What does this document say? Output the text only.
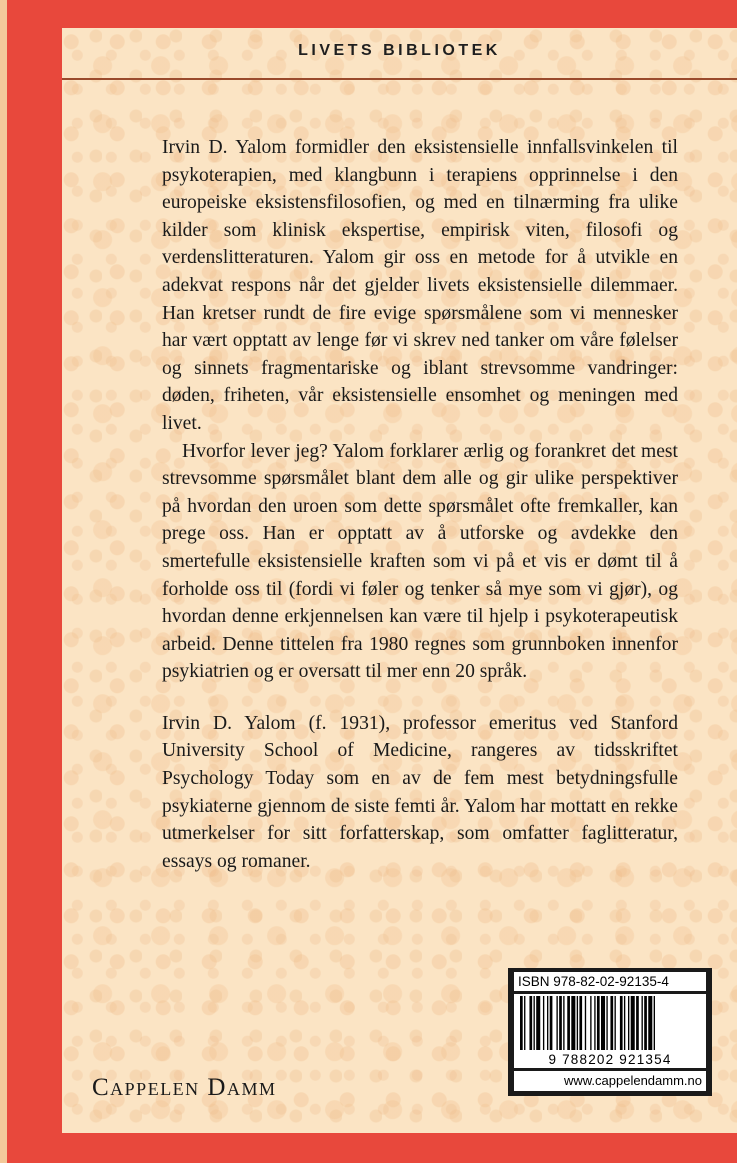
LIVETS BIBLIOTEK

Irvin D. Yalom formidler den eksistensielle innfallsvinkelen til psykoterapien, med klangbunn i terapiens opprinnelse i den europeiske eksistensfilosofien, og med en tilnærming fra ulike kilder som klinisk ekspertise, empirisk viten, filosofi og verdenslitteraturen. Yalom gir oss en metode for å utvikle en adekvat respons når det gjelder livets eksistensielle dilemmaer. Han kretser rundt de fire evige spørsmålene som vi mennesker har vært opptatt av lenge før vi skrev ned tanker om våre følelser og sinnets fragmentariske og iblant strevsomme vandringer: døden, friheten, vår eksistensielle ensomhet og meningen med livet.

Hvorfor lever jeg? Yalom forklarer ærlig og forankret det mest strevsomme spørsmålet blant dem alle og gir ulike perspektiver på hvordan den uroen som dette spørsmålet ofte fremkaller, kan prege oss. Han er opptatt av å utforske og avdekke den smertefulle eksistensielle kraften som vi på et vis er dømt til å forholde oss til (fordi vi føler og tenker så mye som vi gjør), og hvordan denne erkjennelsen kan være til hjelp i psykoterapeutisk arbeid. Denne tittelen fra 1980 regnes som grunnboken innenfor psykiatrien og er oversatt til mer enn 20 språk.

Irvin D. Yalom (f. 1931), professor emeritus ved Stanford University School of Medicine, rangeres av tidsskriftet Psychology Today som en av de fem mest betydningsfulle psykiaterne gjennom de siste femti år. Yalom har mottatt en rekke utmerkelser for sitt forfatterskap, som omfatter faglitteratur, essays og romaner.

Cappelen Damm
ISBN 978-82-02-92135-4
9 788202 921354
www.cappelendamm.no
